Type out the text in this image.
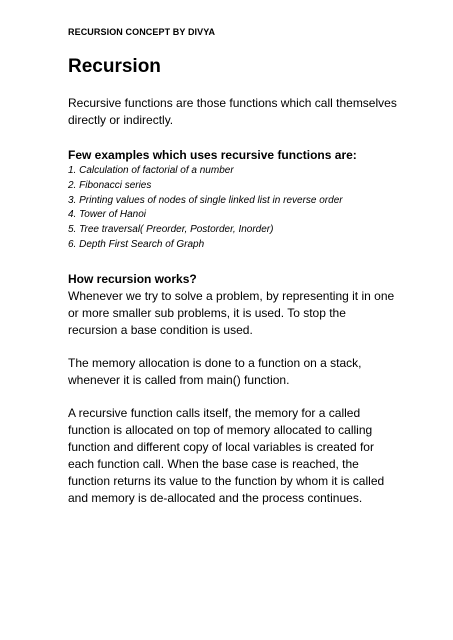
RECURSION CONCEPT BY DIVYA
Recursion

Recursive functions are those functions which call themselves directly or indirectly.

Few examples which uses recursive functions are:

1. Calculation of factorial of a number
2. Fibonacci series
3. Printing values of nodes of single linked list in reverse order
4. Tower of Hanoi
5. Tree traversal( Preorder, Postorder, Inorder)
6. Depth First Search of Graph

How recursion works?

Whenever we try to solve a problem, by representing it in one or more smaller sub problems, it is used. To stop the recursion a base condition is used.

The memory allocation is done to a function on a stack, whenever it is called from main() function.

A recursive function calls itself, the memory for a called function is allocated on top of memory allocated to calling function and different copy of local variables is created for each function call. When the base case is reached, the function returns its value to the function by whom it is called and memory is de-allocated and the process continues.
